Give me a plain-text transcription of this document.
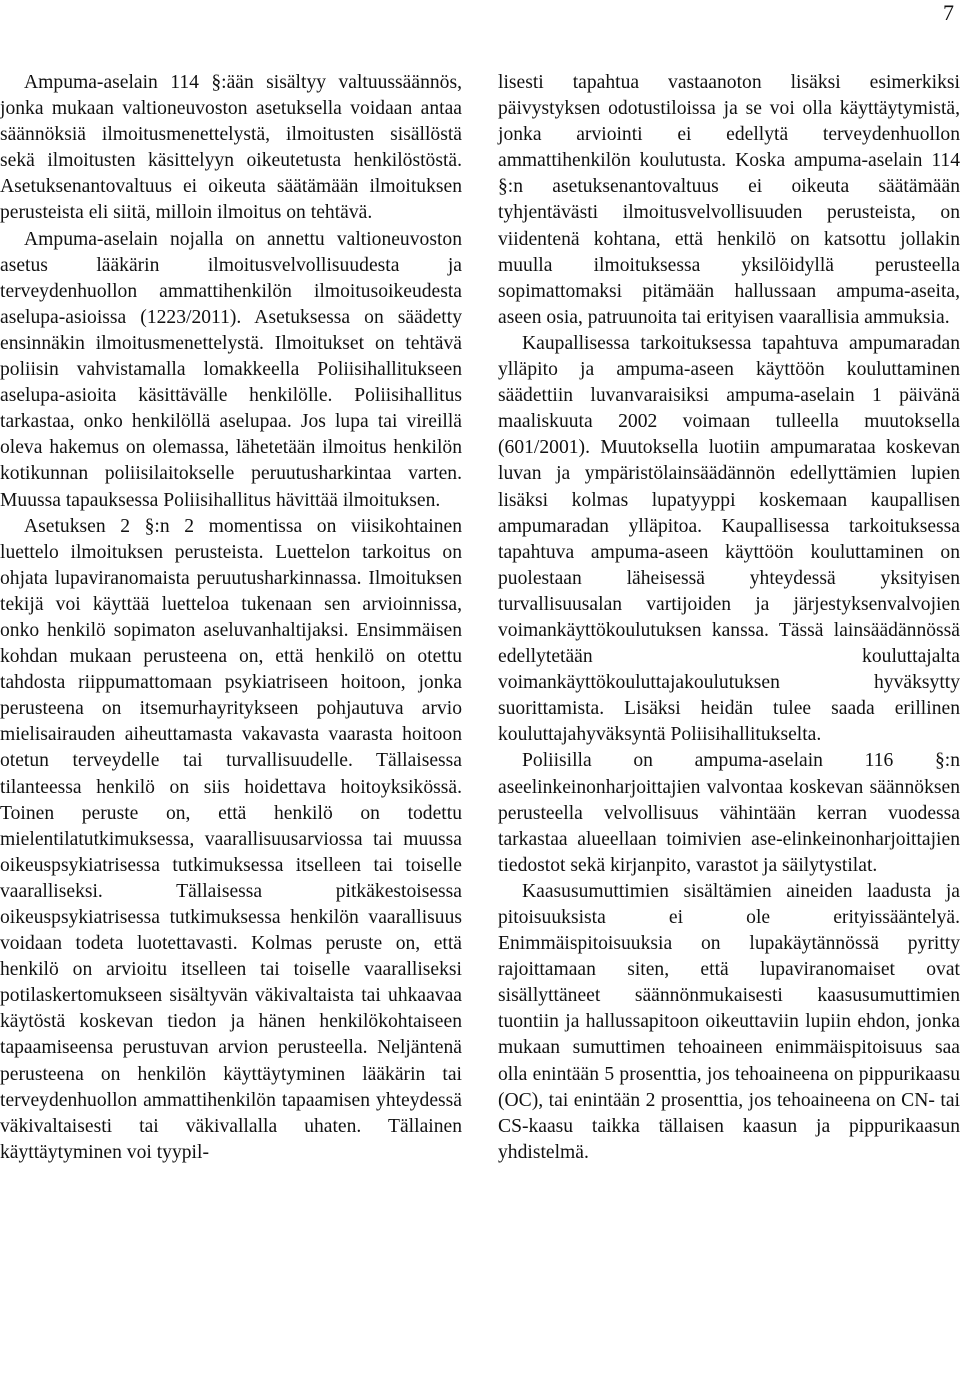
7

Ampuma-aselain 114 §:ään sisältyy valtuussäännös, jonka mukaan valtioneuvoston asetuksella voidaan antaa säännöksiä ilmoitusmenettelystä, ilmoitusten sisällöstä sekä ilmoitusten käsittelyyn oikeutetusta henkilöstöstä. Asetuksenantovaltuus ei oikeuta säätämään ilmoituksen perusteista eli siitä, milloin ilmoitus on tehtävä.

Ampuma-aselain nojalla on annettu valtioneuvoston asetus lääkärin ilmoitusvelvollisuudesta ja terveydenhuollon ammattihenkilön ilmoitusoikeudesta aselupa-asioissa (1223/2011). Asetuksessa on säädetty ensinnäkin ilmoitusmenettelystä. Ilmoitukset on tehtävä poliisin vahvistamalla lomakkeella Poliisihallitukseen aselupa-asioita käsittävälle henkilölle. Poliisihallitus tarkastaa, onko henkilöllä aselupaa. Jos lupa tai vireillä oleva hakemus on olemassa, lähetetään ilmoitus henkilön kotikunnan poliisilaitokselle peruutusharkintaa varten. Muussa tapauksessa Poliisihallitus hävittää ilmoituksen.

Asetuksen 2 §:n 2 momentissa on viisikohtainen luettelo ilmoituksen perusteista. Luettelon tarkoitus on ohjata lupaviranomaista peruutusharkinnassa. Ilmoituksen tekijä voi käyttää luetteloa tukenaan sen arvioinnissa, onko henkilö sopimaton aseluvanhaltijaksi. Ensimmäisen kohdan mukaan perusteena on, että henkilö on otettu tahdosta riippumattomaan psykiatriseen hoitoon, jonka perusteena on itsemurhayritykseen pohjautuva arvio mielisairauden aiheuttamasta vakavasta vaarasta hoitoon otetun terveydelle tai turvallisuudelle. Tällaisessa tilanteessa henkilö on siis hoidettava hoitoyksikössä. Toinen peruste on, että henkilö on todettu mielentilatutkimuksessa, vaarallisuusarviossa tai muussa oikeuspsykiatrisessa tutkimuksessa itselleen tai toiselle vaaralliseksi. Tällaisessa pitkäkestoisessa oikeuspsykiatrisessa tutkimuksessa henkilön vaarallisuus voidaan todeta luotettavasti. Kolmas peruste on, että henkilö on arvioitu itselleen tai toiselle vaaralliseksi potilaskertomukseen sisältyvän väkivaltaista tai uhkaavaa käytöstä koskevan tiedon ja hänen henkilökohtaiseen tapaamiseensa perustuvan arvion perusteella. Neljäntenä perusteena on henkilön käyttäytyminen lääkärin tai terveydenhuollon ammattihenkilön tapaamisen yhteydessä väkivaltaisesti tai väkivallalla uhaten. Tällainen käyttäytyminen voi tyypil-

lisesti tapahtua vastaanoton lisäksi esimerkiksi päivystyksen odotustiloissa ja se voi olla käyttäytymistä, jonka arviointi ei edellytä terveydenhuollon ammattihenkilön koulutusta. Koska ampuma-aselain 114 §:n asetuksenantovaltuus ei oikeuta säätämään tyhjentävästi ilmoitusvelvollisuuden perusteista, on viidentenä kohtana, että henkilö on katsottu jollakin muulla ilmoituksessa yksilöidyllä perusteella sopimattomaksi pitämään hallussaan ampuma-aseita, aseen osia, patruunoita tai erityisen vaarallisia ammuksia.

Kaupallisessa tarkoituksessa tapahtuva ampumaradan ylläpito ja ampuma-aseen käyttöön kouluttaminen säädettiin luvanvaraisiksi ampuma-aselain 1 päivänä maaliskuuta 2002 voimaan tulleella muutoksella (601/2001). Muutoksella luotiin ampumarataa koskevan luvan ja ympäristölainsäädännön edellyttämien lupien lisäksi kolmas lupatyyppi koskemaan kaupallisen ampumaradan ylläpitoa. Kaupallisessa tarkoituksessa tapahtuva ampuma-aseen käyttöön kouluttaminen on puolestaan läheisessä yhteydessä yksityisen turvallisuusalan vartijoiden ja järjestyksenvalvojien voimankäyttökoulutuksen kanssa. Tässä lainsäädännössä edellytetään kouluttajalta voimankäyttökouluttajakoulutuksen hyväksytty suorittamista. Lisäksi heidän tulee saada erillinen kouluttajahyväksyntä Poliisihallitukselta.

Poliisilla on ampuma-aselain 116 §:n aseelinkeinonharjoittajien valvontaa koskevan säännöksen perusteella velvollisuus vähintään kerran vuodessa tarkastaa alueellaan toimivien ase-elinkeinonharjoittajien tiedostot sekä kirjanpito, varastot ja säilytystilat.

Kaasusumuttimien sisältämien aineiden laadusta ja pitoisuuksista ei ole erityissääntelyä. Enimmäispitoisuuksia on lupakäytännössä pyritty rajoittamaan siten, että lupaviranomaiset ovat sisällyttäneet säännönmukaisesti kaasusumuttimien tuontiin ja hallussapitoon oikeuttaviin lupiin ehdon, jonka mukaan sumuttimen tehoaineen enimmäispitoisuus saa olla enintään 5 prosenttia, jos tehoaineena on pippurikaasu (OC), tai enintään 2 prosenttia, jos tehoaineena on CN- tai CS-kaasu taikka tällaisen kaasun ja pippurikaasun yhdistelmä.
